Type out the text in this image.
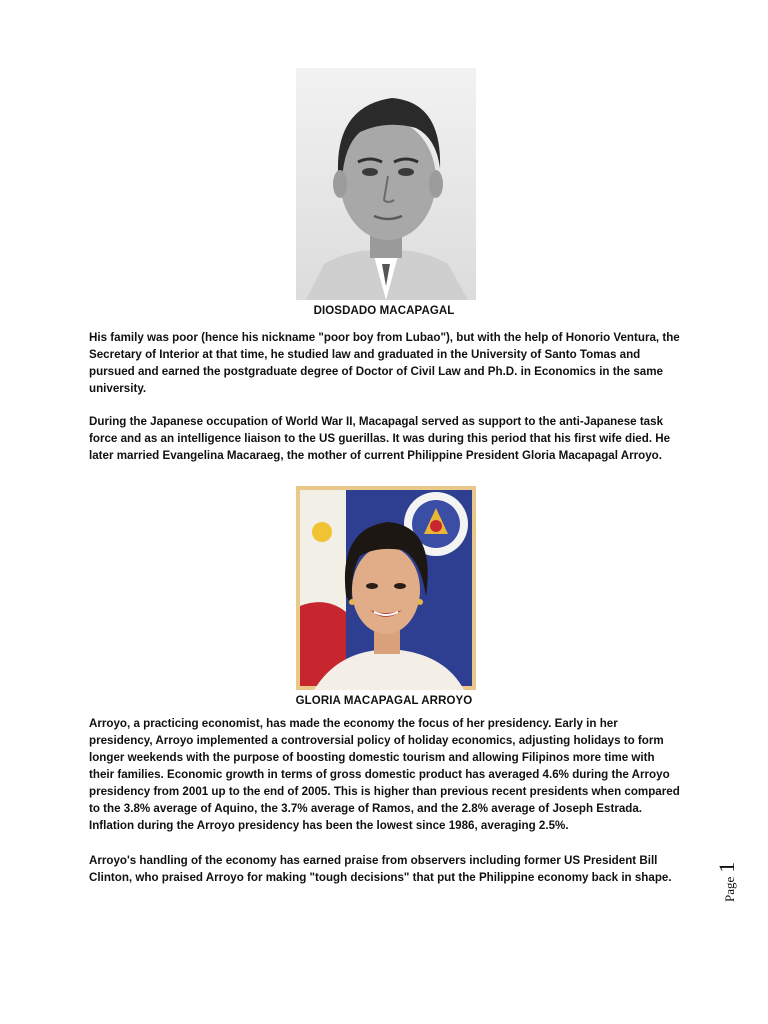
DIOSDADO MACAPAGAL

His family was poor (hence his nickname "poor boy from Lubao"), but with the help of Honorio Ventura, the Secretary of Interior at that time, he studied law and graduated in the University of Santo Tomas and pursued and earned the postgraduate degree of Doctor of Civil Law and Ph.D. in Economics in the same university.

During the Japanese occupation of World War II, Macapagal served as support to the anti-Japanese task force and as an intelligence liaison to the US guerillas. It was during this period that his first wife died. He later married Evangelina Macaraeg, the mother of current Philippine President Gloria Macapagal Arroyo.

GLORIA MACAPAGAL ARROYO

Arroyo, a practicing economist, has made the economy the focus of her presidency. Early in her presidency, Arroyo implemented a controversial policy of holiday economics, adjusting holidays to form longer weekends with the purpose of boosting domestic tourism and allowing Filipinos more time with their families. Economic growth in terms of gross domestic product has averaged 4.6% during the Arroyo presidency from 2001 up to the end of 2005. This is higher than previous recent presidents when compared to the 3.8% average of Aquino, the 3.7% average of Ramos, and the 2.8% average of Joseph Estrada. Inflation during the Arroyo presidency has been the lowest since 1986, averaging 2.5%.

Arroyo's handling of the economy has earned praise from observers including former US President Bill Clinton, who praised Arroyo for making "tough decisions" that put the Philippine economy back in shape.	Page 1
